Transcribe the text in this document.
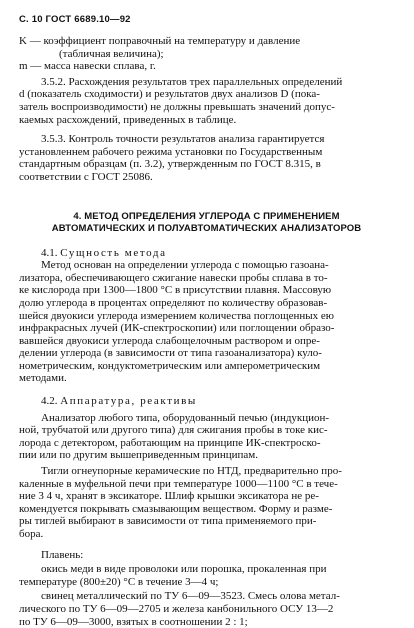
С. 10 ГОСТ 6689.10—92

K — коэффициент поправочный на температуру и давление

(табличная величина);

m — масса навески сплава, г.

3.5.2. Расхождения результатов трех параллельных определений

d (показатель сходимости) и результатов двух анализов D (пока-

затель воспроизводимости) не должны превышать значений допус-

каемых расхождений, приведенных в таблице.

3.5.3. Контроль точности результатов анализа гарантируется

установленнем рабочего режима установки по Государственным

стандартным образцам (п. 3.2), утвержденным по ГОСТ 8.315, в

соответствии с ГОСТ 25086.

4. МЕТОД ОПРЕДЕЛЕНИЯ УГЛЕРОДА С ПРИМЕНЕНИЕМ
АВТОМАТИЧЕСКИХ И ПОЛУАВТОМАТИЧЕСКИХ АНАЛИЗАТОРОВ

4.1. Сущность метода

Метод основан на определении углерода с помощью газоана-

лизатора, обеспечивающего сжигание навески пробы сплава в то-

ке кислорода при 1300—1800 °С в присутствии плавня. Массовую

долю углерода в процентах определяют по количеству образовав-

шейся двуокиси углерода измерением количества поглощенных ею

инфракрасных лучей (ИК-спектроскопии) или поглощении образо-

вавшейся двуокиси углерода слабощелочным раствором и опре-

делении углерода (в зависимости от типа газоанализатора) куло-

нометрическим, кондуктометрическим или амперометрическим

методами.

4.2. Аппаратура, реактивы

Анализатор любого типа, оборудованный печью (индукцион-

ной, трубчатой или другого типа) для сжигания пробы в токе кис-

лорода с детектором, работающим на принципе ИК-спектроско-

пии или по другим вышеприведенным принципам.

Тигли огнеупорные керамические по НТД, предварительно про-

каленные в муфельной печи при температуре 1000—1100 °С в тече-

ние 3 4 ч, хранят в эксикаторе. Шлиф крышки эксикатора не ре-

комендуется покрывать смазывающим веществом. Форму и разме-

ры тиглей выбирают в зависимости от типа применяемого при-

бора.

Плавень:

окись меди в виде проволоки или порошка, прокаленная при

температуре (800±20) °С в течение 3—4 ч;

свинец металлический по ТУ 6—09—3523. Смесь олова метал-

лического по ТУ 6—09—2705 и железа канбонильного ОСУ 13—2

по ТУ 6—09—3000, взятых в соотношении 2 : 1;
